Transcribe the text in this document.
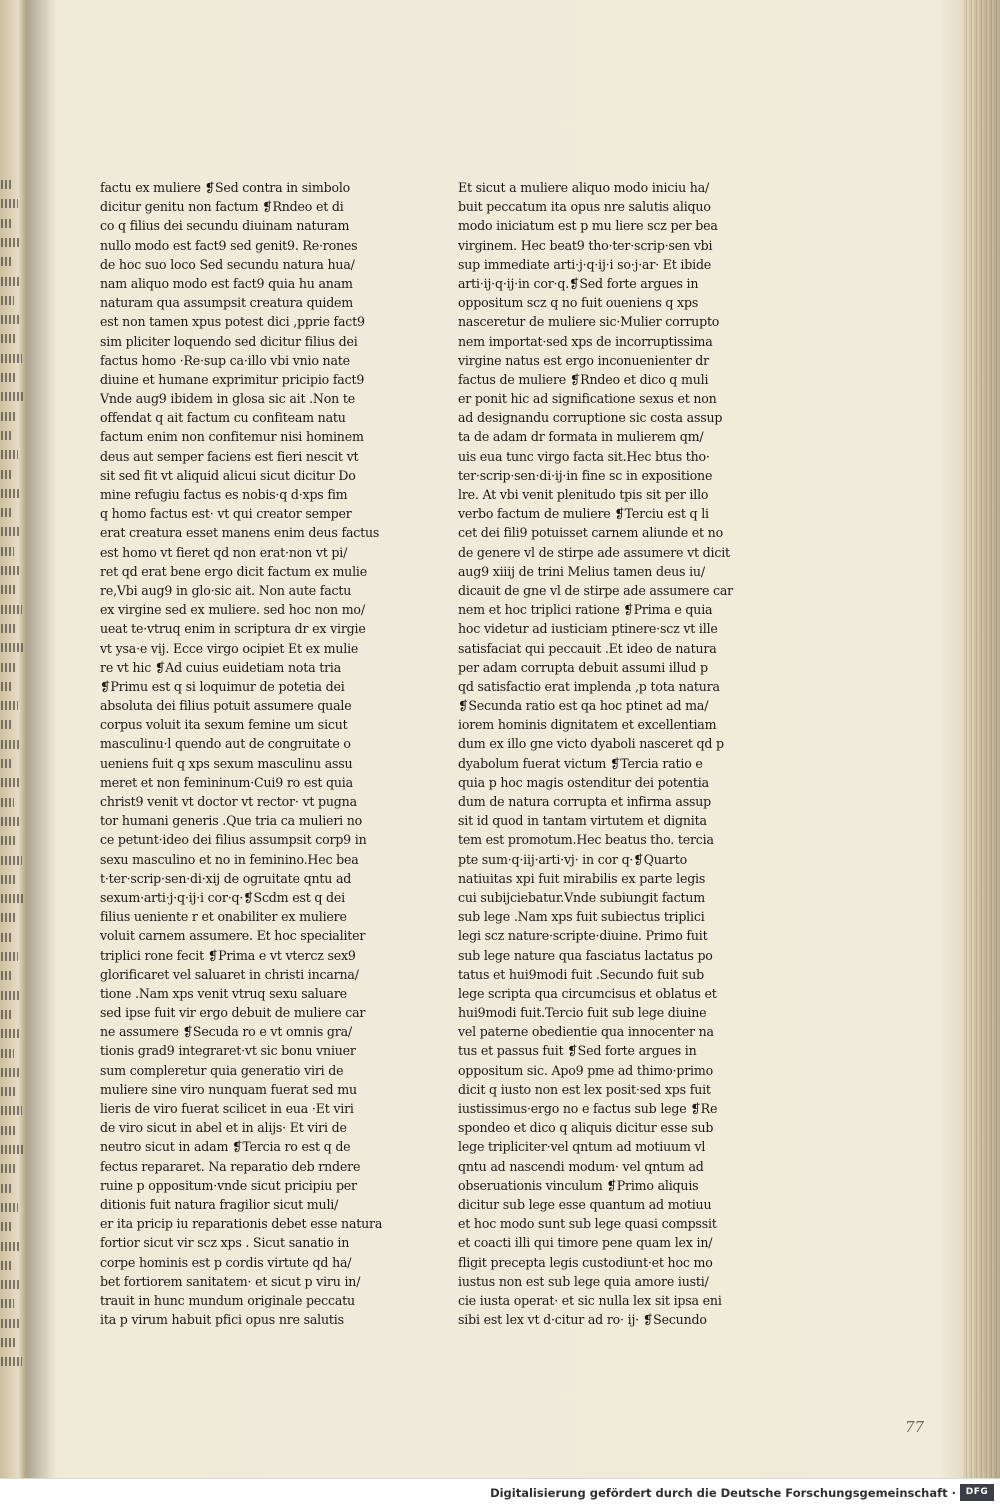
factu ex muliere ❡Sed contra in simbolo
dicitur genitu non factum ❡Rndeo et di
co q filius dei secundu diuinam naturam
nullo modo est fact9 sed genit9. Re·rones
de hoc suo loco Sed secundu natura hua/
nam aliquo modo est fact9 quia hu anam
naturam qua assumpsit creatura quidem
est non tamen xpus potest dici ,pprie fact9
sim pliciter loquendo sed dicitur filius dei
factus homo ·Re·sup ca·illo vbi vnio nate
diuine et humane exprimitur pricipio fact9
Vnde aug9 ibidem in glosa sic ait .Non te
offendat q ait factum cu confiteam natu
factum enim non confitemur nisi hominem
deus aut semper faciens est fieri nescit vt
sit sed fit vt aliquid alicui sicut dicitur Do
mine refugiu factus es nobis·q d·xps fim
q homo factus est· vt qui creator semper
erat creatura esset manens enim deus factus
est homo vt fieret qd non erat·non vt pi/
ret qd erat bene ergo dicit factum ex mulie
re,Vbi aug9 in glo·sic ait. Non aute factu
ex virgine sed ex muliere. sed hoc non mo/
ueat te·vtruq enim in scriptura dr ex virgie
vt ysa·e vij. Ecce virgo ocipiet Et ex mulie
re vt hic ❡Ad cuius euidetiam nota tria
❡Primu est q si loquimur de potetia dei
absoluta dei filius potuit assumere quale
corpus voluit ita sexum femine um sicut
masculinu·l quendo aut de congruitate o
ueniens fuit q xps sexum masculinu assu
meret et non femininum·Cui9 ro est quia
christ9 venit vt doctor vt rector· vt pugna
tor humani generis .Que tria ca mulieri no
ce petunt·ideo dei filius assumpsit corp9 in
sexu masculino et no in feminino.Hec bea
t·ter·scrip·sen·di·xij de ogruitate qntu ad
sexum·arti·j·q·ij·i cor·q·❡Scdm est q dei
filius ueniente r et onabiliter ex muliere
voluit carnem assumere. Et hoc specialiter
triplici rone fecit ❡Prima e vt vtercz sex9
glorificaret vel saluaret in christi incarna/
tione .Nam xps venit vtruq sexu saluare
sed ipse fuit vir ergo debuit de muliere car
ne assumere ❡Secuda ro e vt omnis gra/
tionis grad9 integraret·vt sic bonu vniuer
sum compleretur quia generatio viri de
muliere sine viro nunquam fuerat sed mu
lieris de viro fuerat scilicet in eua ·Et viri
de viro sicut in abel et in alijs· Et viri de
neutro sicut in adam ❡Tercia ro est q de
fectus repararet. Na reparatio deb rndere
ruine p oppositum·vnde sicut pricipiu per
ditionis fuit natura fragilior sicut muli/
er ita pricip iu reparationis debet esse natura
fortior sicut vir scz xps . Sicut sanatio in
corpe hominis est p cordis virtute qd ha/
bet fortiorem sanitatem· et sicut p viru in/
trauit in hunc mundum originale peccatu
ita p virum habuit pfici opus nre salutis
Et sicut a muliere aliquo modo iniciu ha/
buit peccatum ita opus nre salutis aliquo
modo iniciatum est p mu liere scz per bea
virginem. Hec beat9 tho·ter·scrip·sen vbi
sup immediate arti·j·q·ij·i so·j·ar· Et ibide
arti·ij·q·ij·in cor·q.❡Sed forte argues in
oppositum scz q no fuit oueniens q xps
nasceretur de muliere sic·Mulier corrupto
nem importat·sed xps de incorruptissima
virgine natus est ergo inconuenienter dr
factus de muliere ❡Rndeo et dico q muli
er ponit hic ad significatione sexus et non
ad designandu corruptione sic costa assup
ta de adam dr formata in mulierem qm/
uis eua tunc virgo facta sit.Hec btus tho·
ter·scrip·sen·di·ij·in fine sc in expositione
lre. At vbi venit plenitudo tpis sit per illo
verbo factum de muliere ❡Terciu est q li
cet dei fili9 potuisset carnem aliunde et no
de genere vl de stirpe ade assumere vt dicit
aug9 xiiij de trini Melius tamen deus iu/
dicauit de gne vl de stirpe ade assumere car
nem et hoc triplici ratione ❡Prima e quia
hoc videtur ad iusticiam ptinere·scz vt ille
satisfaciat qui peccauit .Et ideo de natura
per adam corrupta debuit assumi illud p
qd satisfactio erat implenda ,p tota natura
❡Secunda ratio est qa hoc ptinet ad ma/
iorem hominis dignitatem et excellentiam
dum ex illo gne victo dyaboli nasceret qd p
dyabolum fuerat victum ❡Tercia ratio e
quia p hoc magis ostenditur dei potentia
dum de natura corrupta et infirma assup
sit id quod in tantam virtutem et dignita
tem est promotum.Hec beatus tho. tercia
pte sum·q·iij·arti·vj· in cor q·❡Quarto
natiuitas xpi fuit mirabilis ex parte legis
cui subijciebatur.Vnde subiungit factum
sub lege .Nam xps fuit subiectus triplici
legi scz nature·scripte·diuine. Primo fuit
sub lege nature qua fasciatus lactatus po
tatus et hui9modi fuit .Secundo fuit sub
lege scripta qua circumcisus et oblatus et
hui9modi fuit.Tercio fuit sub lege diuine
vel paterne obedientie qua innocenter na
tus et passus fuit ❡Sed forte argues in
oppositum sic. Apo9 pme ad thimo·primo
dicit q iusto non est lex posit·sed xps fuit
iustissimus·ergo no e factus sub lege ❡Re
spondeo et dico q aliquis dicitur esse sub
lege tripliciter·vel qntum ad motiuum vl
qntu ad nascendi modum· vel qntum ad
obseruationis vinculum ❡Primo aliquis
dicitur sub lege esse quantum ad motiuu
et hoc modo sunt sub lege quasi compssit
et coacti illi qui timore pene quam lex in/
fligit precepta legis custodiunt·et hoc mo
iustus non est sub lege quia amore iusti/
cie iusta operat· et sic nulla lex sit ipsa eni
sibi est lex vt d·citur ad ro· ij· ❡Secundo
77
Digitalisierung gefördert durch die Deutsche Forschungsgemeinschaft ·	DFG
